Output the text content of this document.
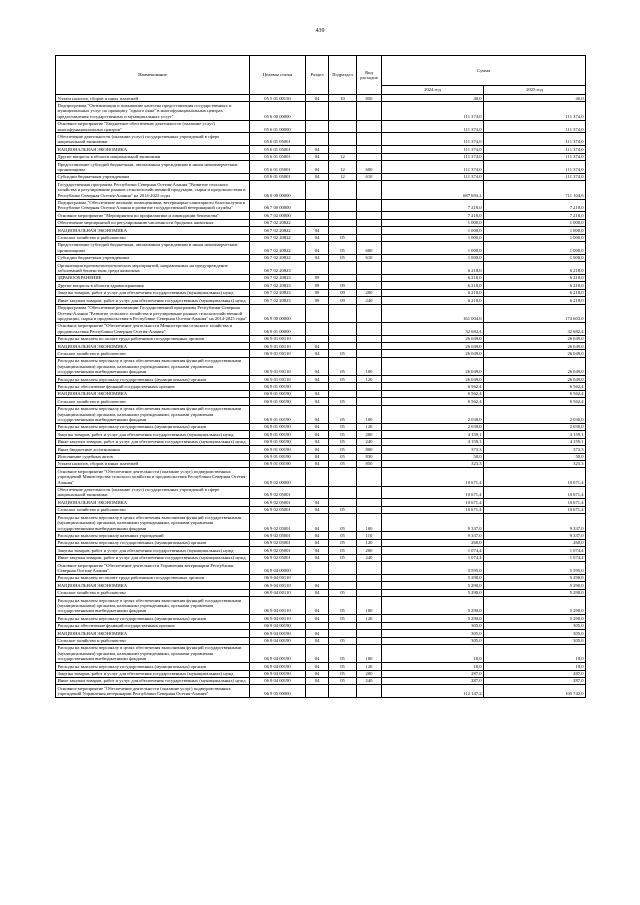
439
Наименование	Целевая статья	Раздел	Подраздел	Вид расходов	Сумма	
					2024 год	2025 год
Уплата налогов, сборов и иных платежей	05 5 01 00150	04	10	850	40,0	40,0
Подпрограмма "Оптимизация и повышение качества предоставления государственных и муниципальных услуг по принципу "одного окна" в многофункциональных центрах предоставления государственных и муниципальных услуг"	05 6 00 00000				111 374,0	111 374,0
Основное мероприятие "Бюджетное обеспечение деятельности (оказание услуг) многофункциональных центров"	05 6 01 00000				111 374,0	111 374,0
Обеспечение деятельности (оказание услуг) государственных учреждений в сфере национальной экономики	05 6 01 05001				111 374,0	111 374,0
НАЦИОНАЛЬНАЯ ЭКОНОМИКА	05 6 01 05001	04			111 374,0	111 374,0
Другие вопросы в области национальной экономики	05 6 01 05001	04	12		111 374,0	111 374,0
Предоставление субсидий бюджетным, автономным учреждениям и иным некоммерческим организациям	05 6 01 05001	04	12	600	111 374,0	111 374,0
Субсидии бюджетным учреждениям	05 6 01 05001	04	12	610	111 374,0	111 374,0
Государственная программа Республики Северная Осетия-Алания "Развитие сельского хозяйства и регулирование рынков сельскохозяйственной продукции, сырья и продовольствия в Республике Северная Осетия-Алания" на 2014-2025 годы	06 0 00 00000				687 693,2	711 104,6
Подпрограмма "Обеспечение жилыми помещениями, ветеринарно-санитарного благополучия в Республике Северная Осетия-Алания и развитие государственной ветеринарной службы"	06 7 00 00000				7 218,0	7 218,0
Основное мероприятие "Мероприятия по профилактике и ликвидации бешенства"	06 7 02 00000				7 218,0	7 218,0
Обеспечение мероприятий по регулированию численности бродячих животных	06 7 02 20822				1 000,0	1 000,0
НАЦИОНАЛЬНАЯ ЭКОНОМИКА	06 7 02 20822	04			1 000,0	1 000,0
Сельское хозяйство и рыболовство	06 7 02 20822	04	05		1 000,0	1 000,0
Предоставление субсидий бюджетным, автономным учреждениям и иным некоммерческим организациям	06 7 02 20822	04	05	600	1 000,0	1 000,0
Субсидии бюджетным учреждениям	06 7 02 20822	04	05	610	1 000,0	1 000,0
Организация противоэпизоотических мероприятий, направленных на предупреждение заболеваний бешенством среди животных	06 7 02 20823				6 218,0	6 218,0
ЗДРАВООХРАНЕНИЕ	06 7 02 20823	09			6 218,0	6 218,0
Другие вопросы в области здравоохранения	06 7 02 20823	09	09		6 218,0	6 218,0
Закупка товаров, работ и услуг для обеспечения государственных (муниципальных) нужд	06 7 02 20823	09	09	200	6 218,0	6 218,0
Иные закупки товаров, работ и услуг для обеспечения государственных (муниципальных) нужд	06 7 02 20823	09	09	240	6 218,0	6 218,0
Подпрограмма "Обеспечение реализации Государственной программы Республики Северная Осетия-Алания "Развитие сельского хозяйства и регулирование рынков сельскохозяйственной продукции, сырья и продовольствия в Республике Северная Осетия-Алания" на 2014-2025 годы"	06 9 00 00000				161 004,0	174 603,0
Основное мероприятие "Обеспечение деятельности Министерства сельского хозяйства и продовольствия Республики Северная Осетия-Алания"	06 9 01 00000				32 682,4	32 682,4
Расходы на выплаты по оплате труда работников государственных органов	06 9 01 00110				26 049,0	26 049,0
НАЦИОНАЛЬНАЯ ЭКОНОМИКА	06 9 01 00110	04			26 049,0	26 049,0
Сельское хозяйство и рыболовство	06 9 01 00110	04	05		26 049,0	26 049,0
Расходы на выплаты персоналу в целях обеспечения выполнения функций государственными (муниципальными) органами, казенными учреждениями, органами управления государственными внебюджетными фондами	06 9 01 00110	04	05	100	26 049,0	26 049,0
Расходы на выплаты персоналу государственных (муниципальных) органов	06 9 01 00110	04	05	120	26 049,0	26 049,0
Расходы на обеспечение функций государственных органов	06 9 01 00190				6 562,4	6 562,4
НАЦИОНАЛЬНАЯ ЭКОНОМИКА	06 9 01 00190	04			6 562,4	6 562,4
Сельское хозяйство и рыболовство	06 9 01 00190	04	05		6 562,4	6 562,4
Расходы на выплаты персоналу в целях обеспечения выполнения функций государственными (муниципальными) органами, казенными учреждениями, органами управления государственными внебюджетными фондами	06 9 01 00190	04	05	100	2 030,0	2 030,0
Расходы на выплаты персоналу государственных (муниципальных) органов	06 9 01 00190	04	05	120	2 030,0	2 030,0
Закупка товаров, работ и услуг для обеспечения государственных (муниципальных) нужд	06 9 01 00190	04	05	200	4 159,1	4 159,1
Иные закупки товаров, работ и услуг для обеспечения государственных (муниципальных) нужд	06 9 01 00190	04	05	240	4 159,1	4 159,1
Иные бюджетные ассигнования	06 9 01 00190	04	05	800	373,3	373,3
Исполнение судебных актов	06 9 01 00190	04	05	830	50,0	50,0
Уплата налогов, сборов и иных платежей	06 9 01 00190	04	05	850	323,3	323,3
Основное мероприятие "Обеспечение деятельности (оказание услуг) подведомственных учреждений Министерства сельского хозяйства и продовольствия Республики Северная Осетия-Алания"	06 9 02 00000				10 671,4	10 671,4
Обеспечение деятельности (оказание услуг) государственных учреждений в сфере национальной экономики	06 9 02 05001				10 671,4	10 671,4
НАЦИОНАЛЬНАЯ ЭКОНОМИКА	06 9 02 05001	04			10 671,4	10 671,4
Сельское хозяйство и рыболовство	06 9 02 05001	04	05		10 671,4	10 671,4
Расходы на выплаты персоналу в целях обеспечения выполнения функций государственными (муниципальными) органами, казенными учреждениями, органами управления государственными внебюджетными фондами	06 9 02 05001	04	05	100	9 337,0	9 337,0
Расходы на выплаты персоналу казенных учреждений	06 9 02 05001	04	05	110	9 337,0	9 337,0
Расходы на выплаты персоналу государственных (муниципальных) органов	06 9 02 05001	04	05	120	260,0	260,0
Закупка товаров, работ и услуг для обеспечения государственных (муниципальных) нужд	06 9 02 05001	04	05	200	1 074,4	1 074,4
Иные закупки товаров, работ и услуг для обеспечения государственных (муниципальных) нужд	06 9 02 05001	04	05	240	1 074,4	1 074,4
Основное мероприятие "Обеспечение деятельности Управления ветеринарии Республики Северная Осетия-Алания"	06 9 04 00000				5 595,0	5 595,0
Расходы на выплаты по оплате труда работников государственных органов	06 9 04 00110				5 290,0	5 290,0
НАЦИОНАЛЬНАЯ ЭКОНОМИКА	06 9 04 00110	04			5 290,0	5 290,0
Сельское хозяйство и рыболовство	06 9 04 00110	04	05		5 290,0	5 290,0
Расходы на выплаты персоналу в целях обеспечения выполнения функций государственными (муниципальными) органами, казенными учреждениями, органами управления государственными внебюджетными фондами	06 9 04 00110	04	05	100	5 290,0	5 290,0
Расходы на выплаты персоналу государственных (муниципальных) органов	06 9 04 00110	04	05	120	5 290,0	5 290,0
Расходы на обеспечение функций государственных органов	06 9 04 00190				305,0	305,0
НАЦИОНАЛЬНАЯ ЭКОНОМИКА	06 9 04 00190	04			305,0	305,0
Сельское хозяйство и рыболовство	06 9 04 00190	04	05		305,0	305,0
Расходы на выплаты персоналу в целях обеспечения выполнения функций государственными (муниципальными) органами, казенными учреждениями, органами управления государственными внебюджетными фондами	06 9 04 00190	04	05	100	18,0	18,0
Расходы на выплаты персоналу государственных (муниципальных) органов	06 9 04 00190	04	05	120	18,0	18,0
Закупка товаров, работ и услуг для обеспечения государственных (муниципальных) нужд	06 9 04 00190	04	05	200	287,0	287,0
Иные закупки товаров, работ и услуг для обеспечения государственных (муниципальных) нужд	06 9 04 00190	04	05	240	287,0	287,0
Основное мероприятие "Обеспечение деятельности (оказание услуг) подведомственных учреждений Управления ветеринарии Республики Северная Осетия-Алания"	06 9 05 00000				112 147,2	105 742,0
